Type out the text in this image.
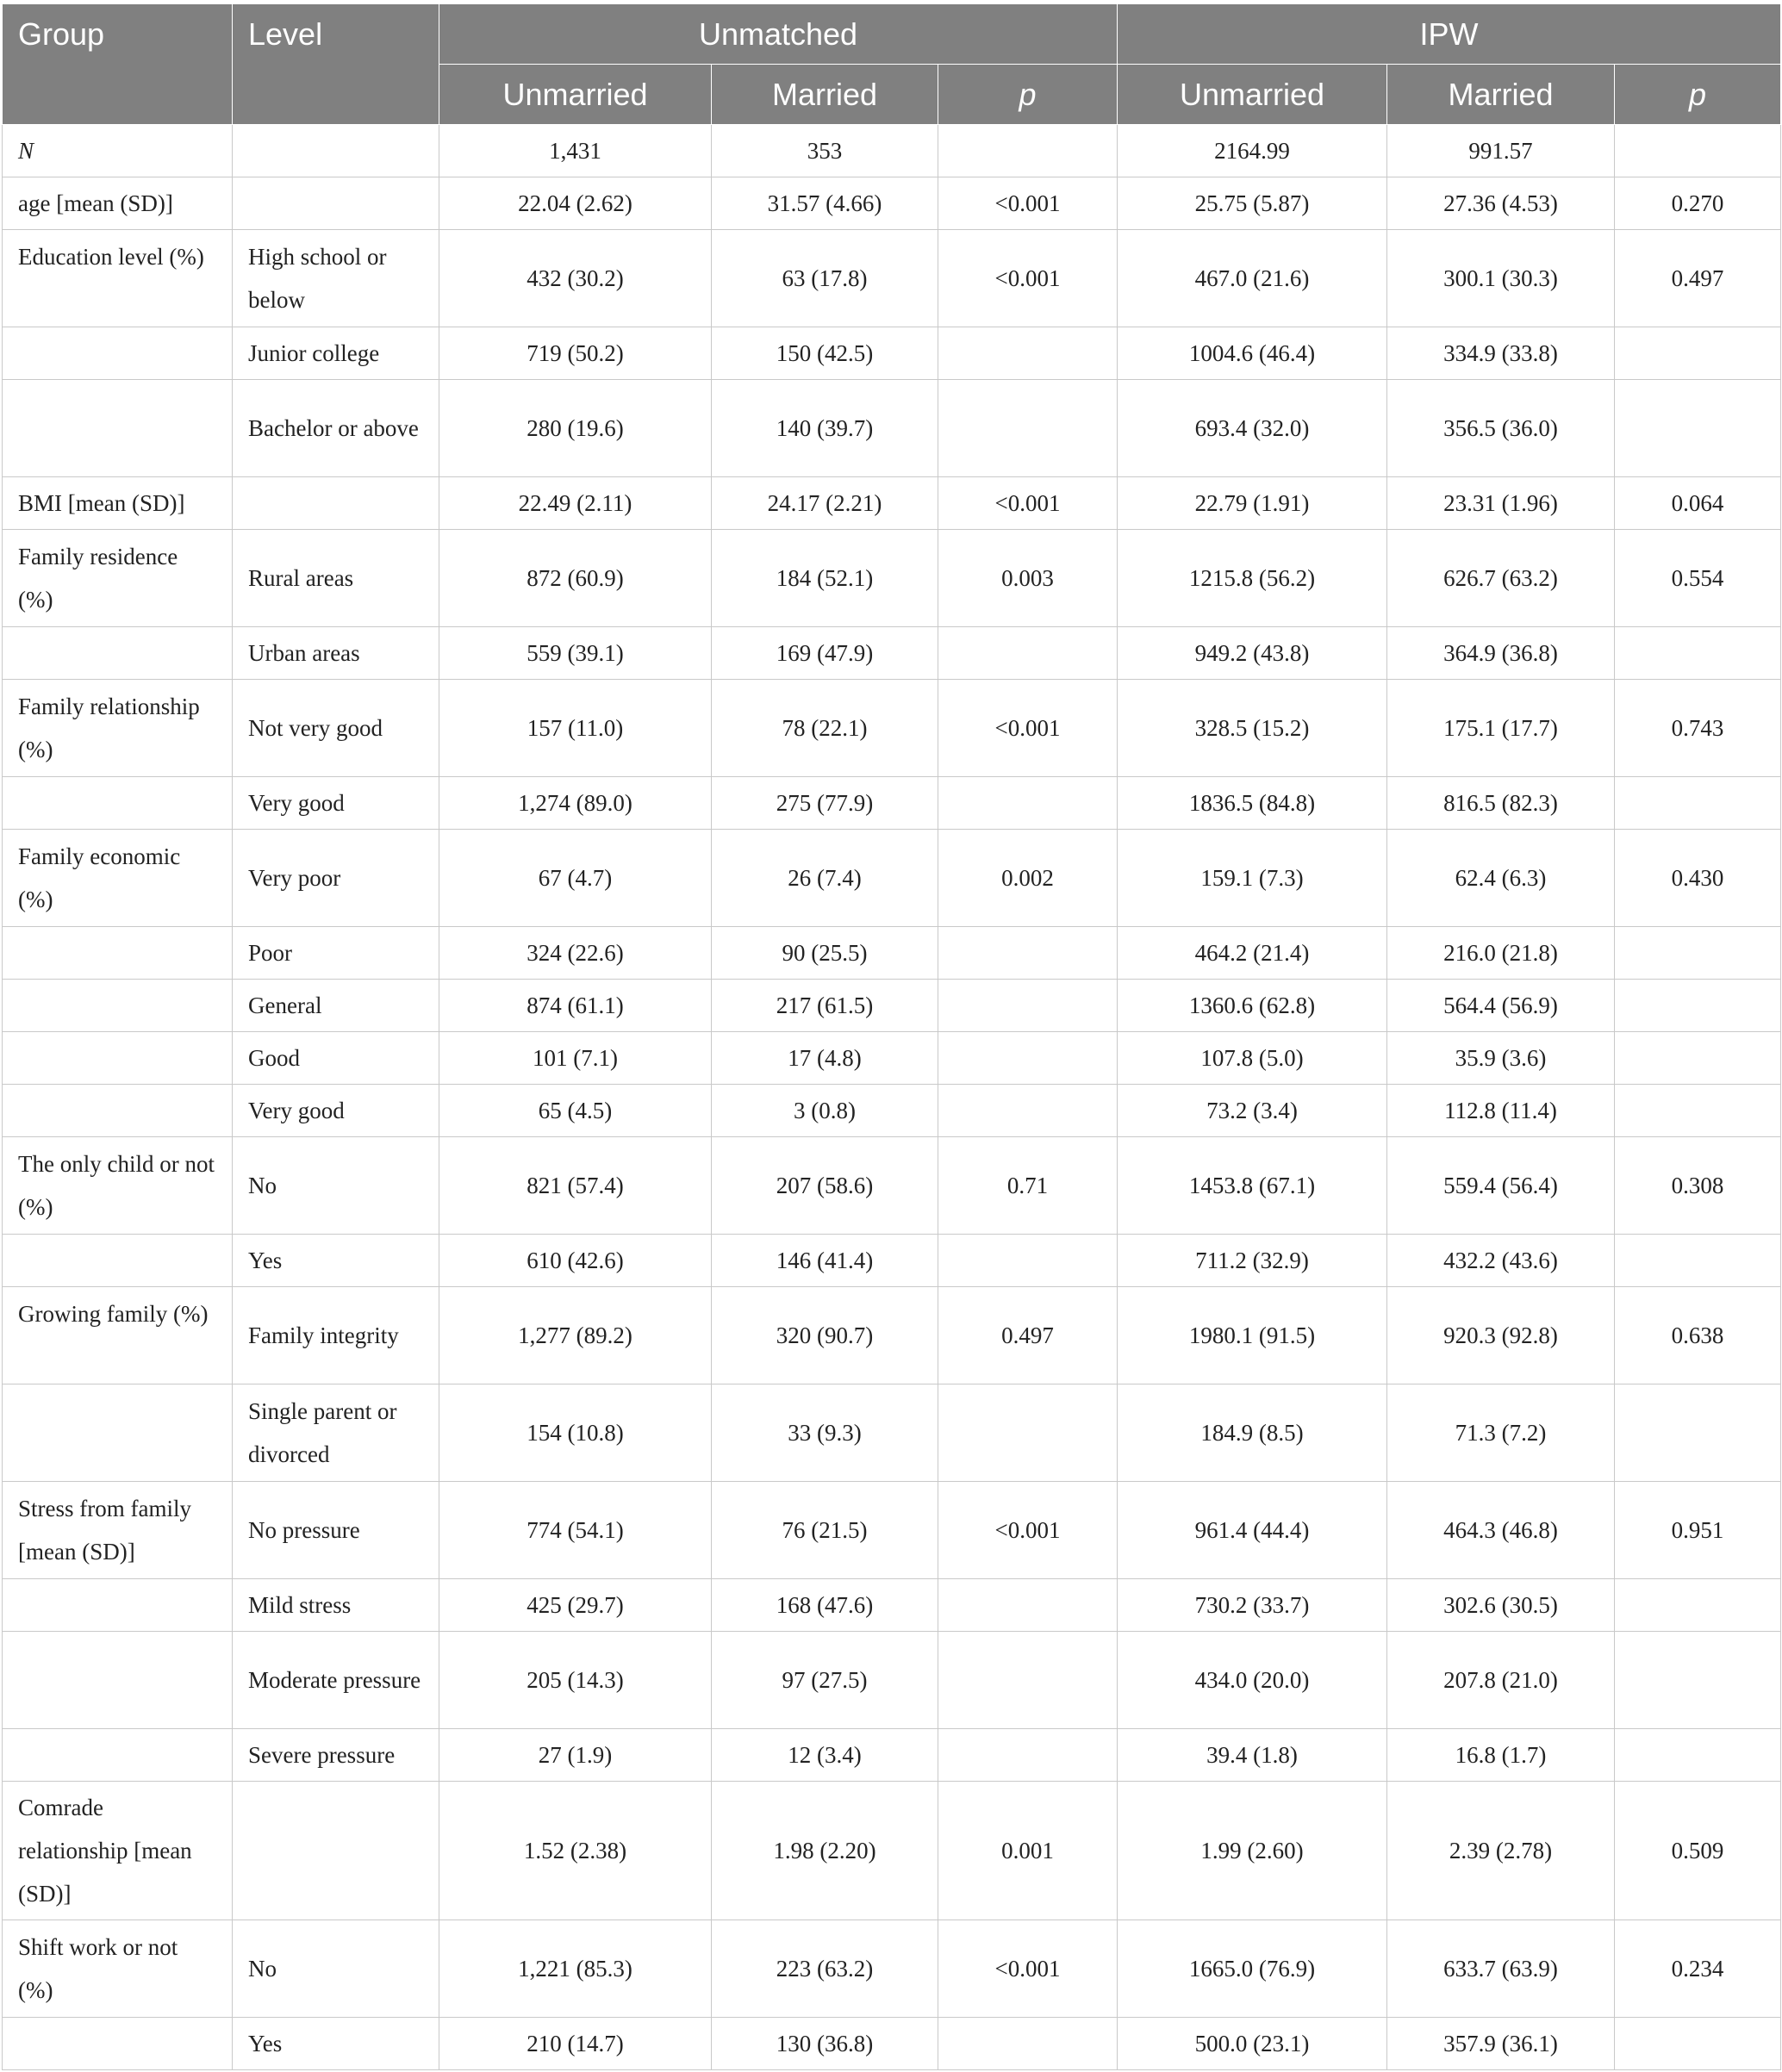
Group	Level	Unmatched			IPW		
		Unmarried	Married	p	Unmarried	Married	p
N		1,431	353		2164.99	991.57	
age [mean (SD)]		22.04 (2.62)	31.57 (4.66)	<0.001	25.75 (5.87)	27.36 (4.53)	0.270
Education level (%)	High school or below	432 (30.2)	63 (17.8)	<0.001	467.0 (21.6)	300.1 (30.3)	0.497
	Junior college	719 (50.2)	150 (42.5)		1004.6 (46.4)	334.9 (33.8)	
	Bachelor or above	280 (19.6)	140 (39.7)		693.4 (32.0)	356.5 (36.0)	
BMI [mean (SD)]		22.49 (2.11)	24.17 (2.21)	<0.001	22.79 (1.91)	23.31 (1.96)	0.064
Family residence (%)	Rural areas	872 (60.9)	184 (52.1)	0.003	1215.8 (56.2)	626.7 (63.2)	0.554
	Urban areas	559 (39.1)	169 (47.9)		949.2 (43.8)	364.9 (36.8)	
Family relationship (%)	Not very good	157 (11.0)	78 (22.1)	<0.001	328.5 (15.2)	175.1 (17.7)	0.743
	Very good	1,274 (89.0)	275 (77.9)		1836.5 (84.8)	816.5 (82.3)	
Family economic (%)	Very poor	67 (4.7)	26 (7.4)	0.002	159.1 (7.3)	62.4 (6.3)	0.430
	Poor	324 (22.6)	90 (25.5)		464.2 (21.4)	216.0 (21.8)	
	General	874 (61.1)	217 (61.5)		1360.6 (62.8)	564.4 (56.9)	
	Good	101 (7.1)	17 (4.8)		107.8 (5.0)	35.9 (3.6)	
	Very good	65 (4.5)	3 (0.8)		73.2 (3.4)	112.8 (11.4)	
The only child or not (%)	No	821 (57.4)	207 (58.6)	0.71	1453.8 (67.1)	559.4 (56.4)	0.308
	Yes	610 (42.6)	146 (41.4)		711.2 (32.9)	432.2 (43.6)	
Growing family (%)	Family integrity	1,277 (89.2)	320 (90.7)	0.497	1980.1 (91.5)	920.3 (92.8)	0.638
	Single parent or divorced	154 (10.8)	33 (9.3)		184.9 (8.5)	71.3 (7.2)	
Stress from family [mean (SD)]	No pressure	774 (54.1)	76 (21.5)	<0.001	961.4 (44.4)	464.3 (46.8)	0.951
	Mild stress	425 (29.7)	168 (47.6)		730.2 (33.7)	302.6 (30.5)	
	Moderate pressure	205 (14.3)	97 (27.5)		434.0 (20.0)	207.8 (21.0)	
	Severe pressure	27 (1.9)	12 (3.4)		39.4 (1.8)	16.8 (1.7)	
Comrade relationship [mean (SD)]		1.52 (2.38)	1.98 (2.20)	0.001	1.99 (2.60)	2.39 (2.78)	0.509
Shift work or not (%)	No	1,221 (85.3)	223 (63.2)	<0.001	1665.0 (76.9)	633.7 (63.9)	0.234
	Yes	210 (14.7)	130 (36.8)		500.0 (23.1)	357.9 (36.1)	
